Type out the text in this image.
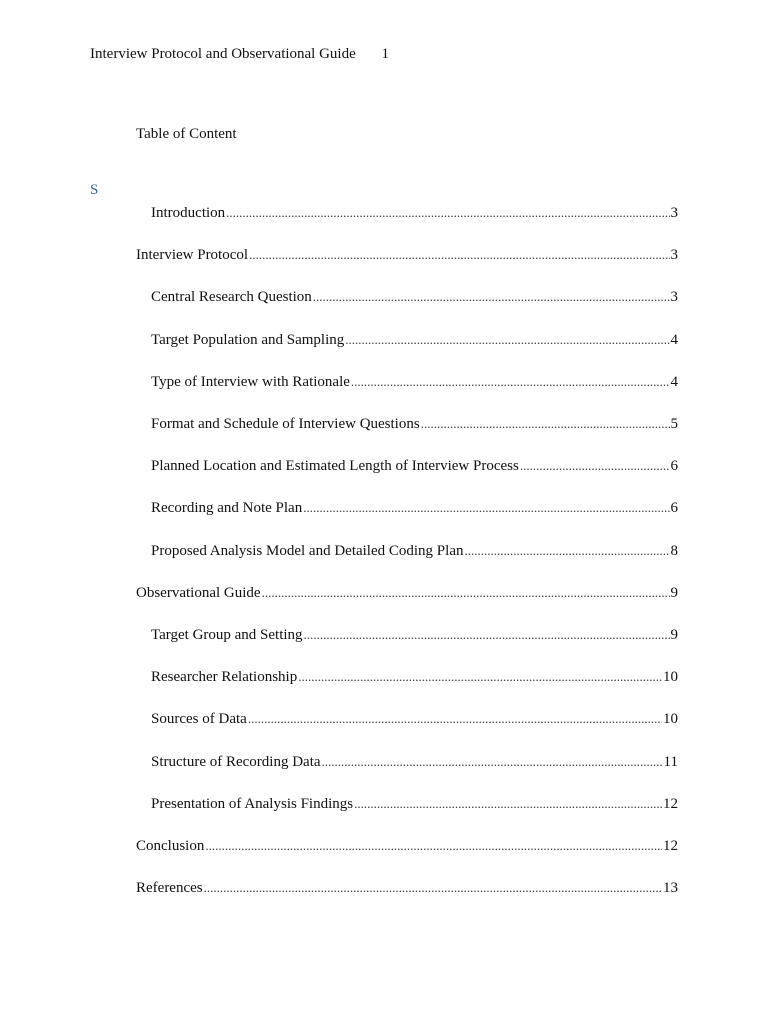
Interview Protocol and Observational Guide 1
Table of Content
S
Introduction .....	3
Interview Protocol .....	3
Central Research Question .....	3
Target Population and Sampling .....	4
Type of Interview with Rationale .....	4
Format and Schedule of Interview Questions .....	5
Planned Location and Estimated Length of Interview Process .....	6
Recording and Note Plan .....	6
Proposed Analysis Model and Detailed Coding Plan .....	8
Observational Guide .....	9
Target Group and Setting .....	9
Researcher Relationship .....	10
Sources of Data .....	10
Structure of Recording Data .....	11
Presentation of Analysis Findings .....	12
Conclusion .....	12
References .....	13
